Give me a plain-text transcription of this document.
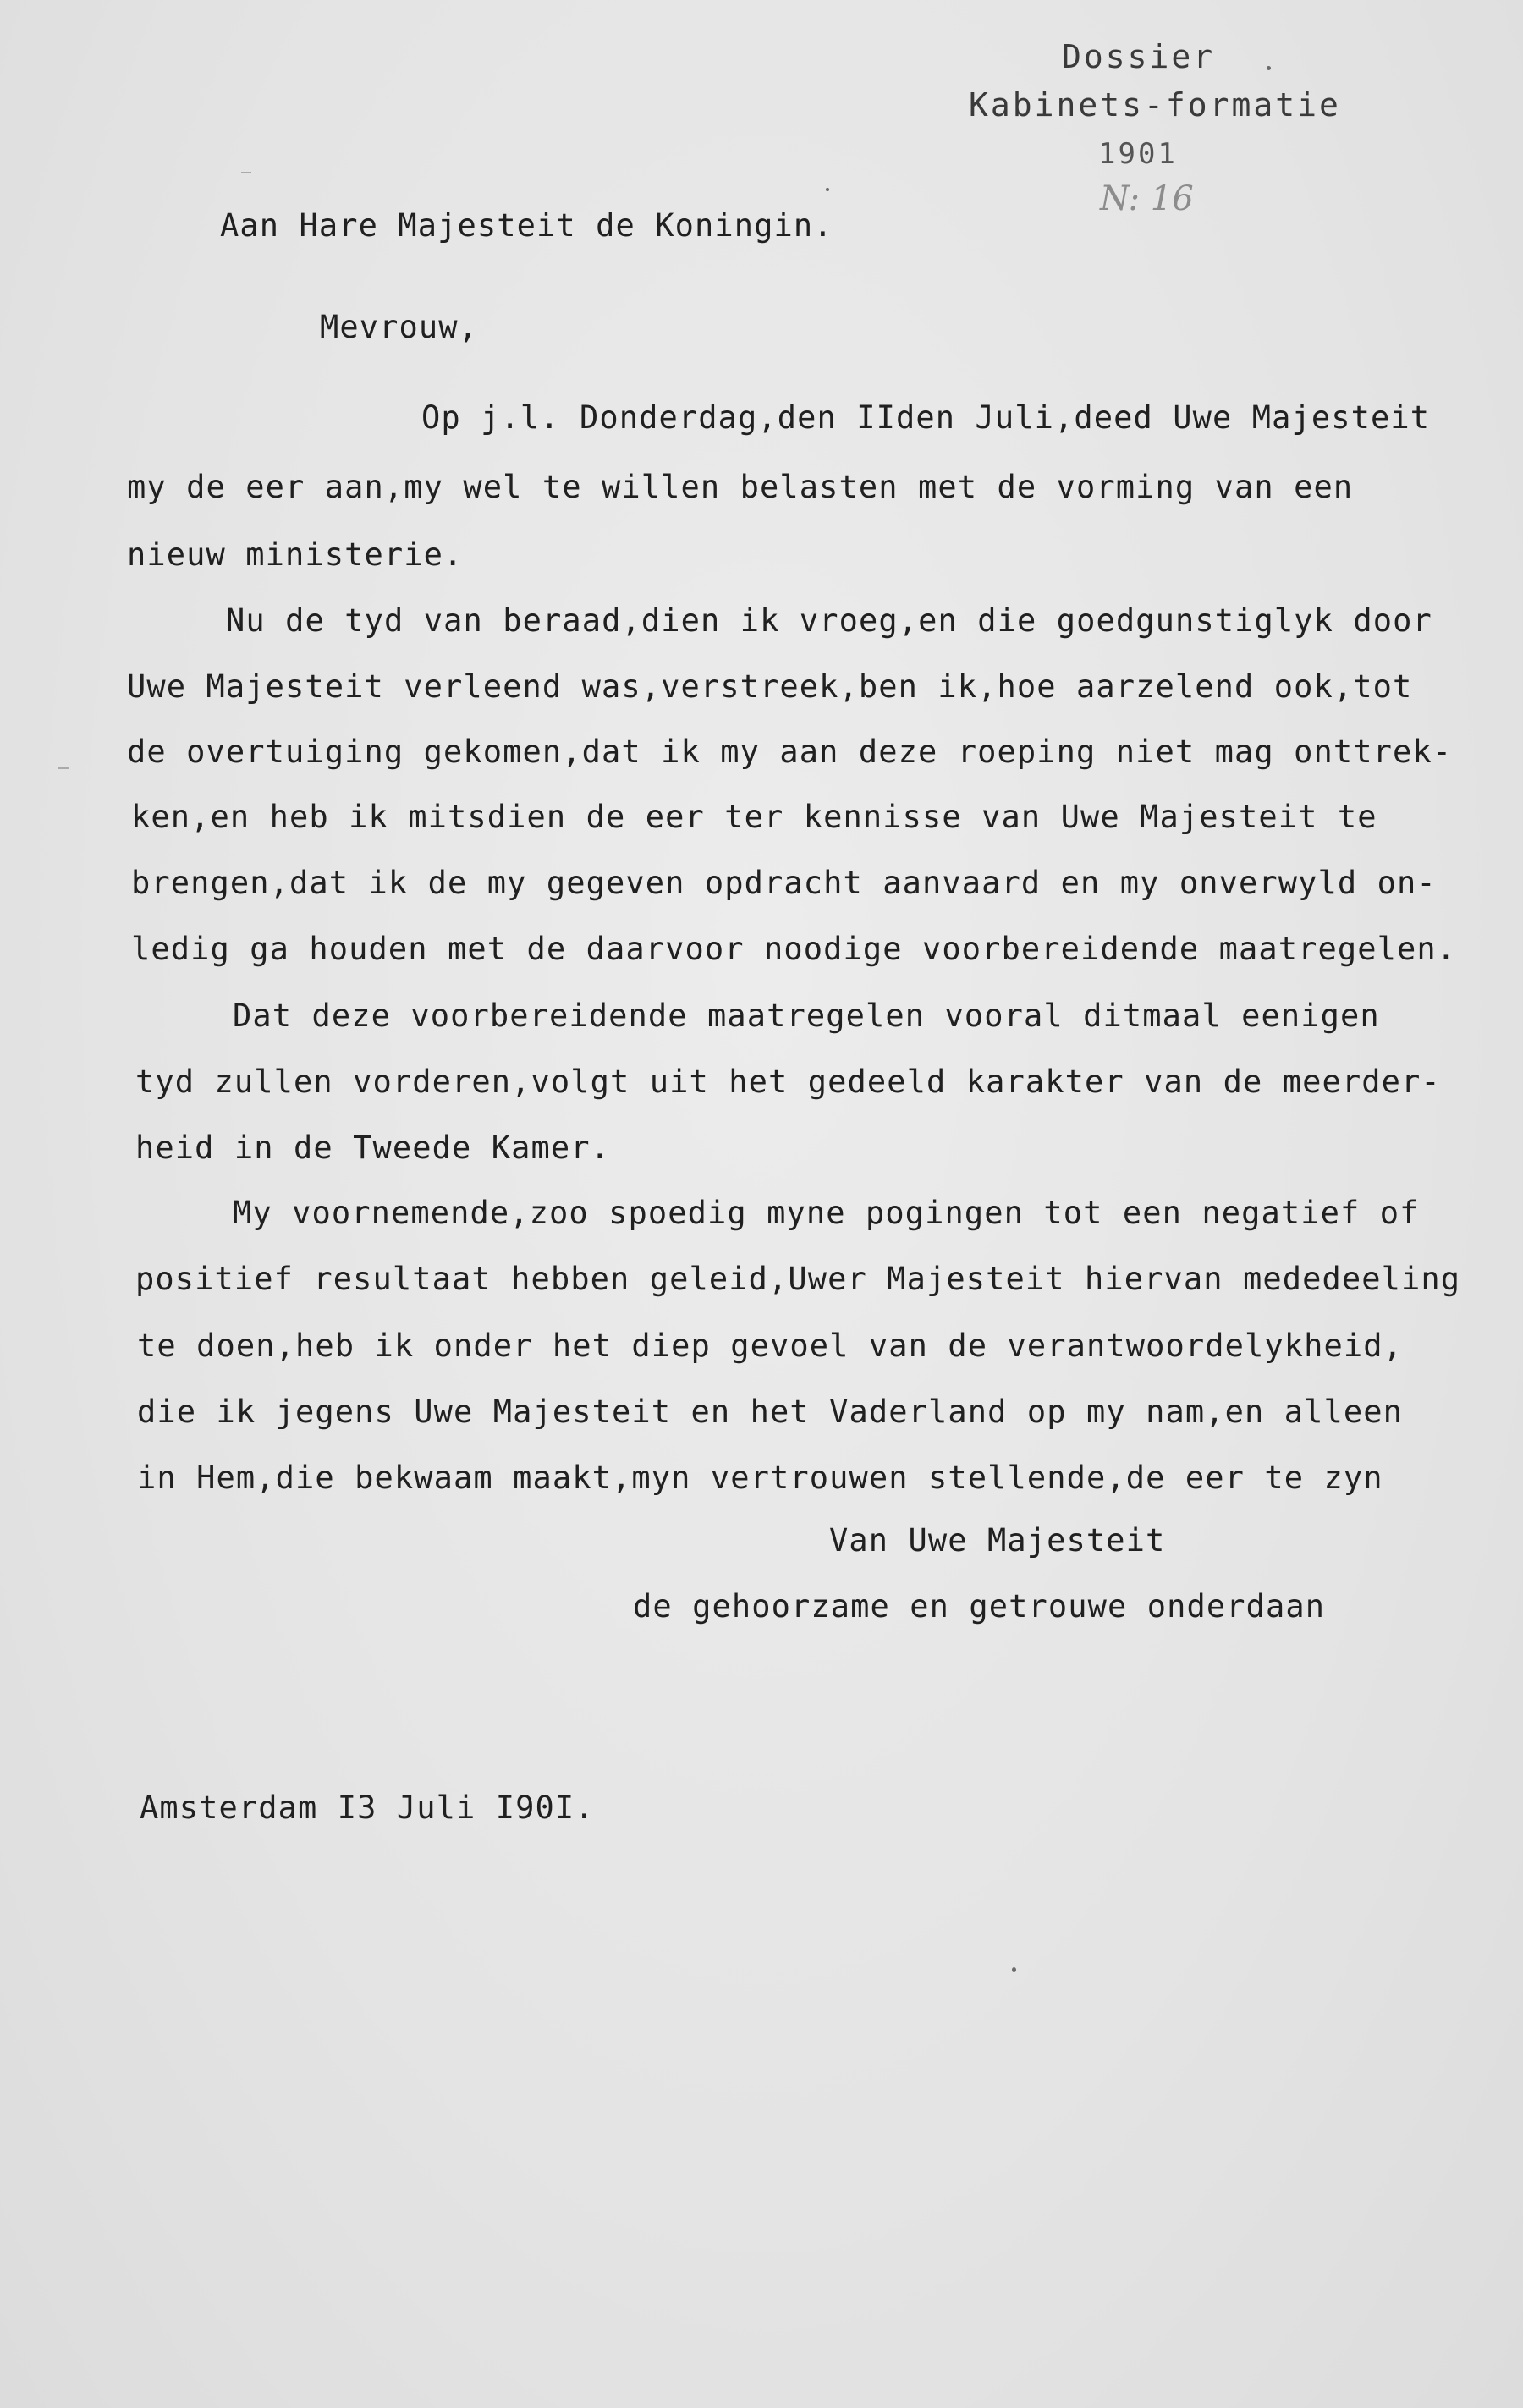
Dossier
Kabinets-formatie
1901
N: 16
Aan Hare Majesteit de Koningin.
Mevrouw,
Op j.l. Donderdag,den IIden Juli,deed Uwe Majesteit
my de eer aan,my wel te willen belasten met de vorming van een
nieuw ministerie.
Nu de tyd van beraad,dien ik vroeg,en die goedgunstiglyk door
Uwe Majesteit verleend was,verstreek,ben ik,hoe aarzelend ook,tot
de overtuiging gekomen,dat ik my aan deze roeping niet mag onttrek-
ken,en heb ik mitsdien de eer ter kennisse van Uwe Majesteit te
brengen,dat ik de my gegeven opdracht aanvaard en my onverwyld on-
ledig ga houden met de daarvoor noodige voorbereidende maatregelen.
Dat deze voorbereidende maatregelen vooral ditmaal eenigen
tyd zullen vorderen,volgt uit het gedeeld karakter van de meerder-
heid in de Tweede Kamer.
My voornemende,zoo spoedig myne pogingen tot een negatief of
positief resultaat hebben geleid,Uwer Majesteit hiervan mededeeling
te doen,heb ik onder het diep gevoel van de verantwoordelykheid,
die ik jegens Uwe Majesteit en het Vaderland op my nam,en alleen
in Hem,die bekwaam maakt,myn vertrouwen stellende,de eer te zyn
Van Uwe Majesteit
de gehoorzame en getrouwe onderdaan
Amsterdam I3 Juli I90I.
